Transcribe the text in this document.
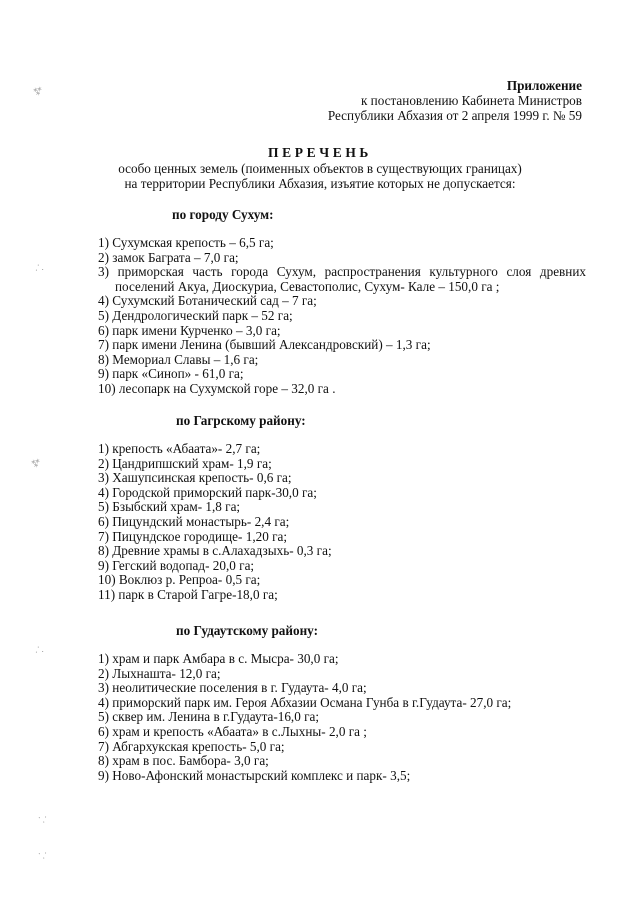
Приложение
к постановлению Кабинета Министров
Республики Абхазия от 2 апреля 1999 г. № 59
ПЕРЕЧЕНЬ
особо ценных земель (поименных объектов в существующих границах)
на территории Республики Абхазия, изъятие которых не допускается:
по городу Сухум:
1) Сухумская крепость – 6,5 га;
2) замок Баграта – 7,0 га;
3) приморская часть города Сухум, распространения культурного слоя древних
поселений Акуа, Диоскуриа, Севастополис, Сухум- Кале – 150,0 га ;
4) Сухумский Ботанический сад – 7 га;
5) Дендрологический парк – 52 га;
6) парк имени Курченко – 3,0 га;
7) парк имени Ленина (бывший Александровский) – 1,3 га;
8) Мемориал Славы – 1,6 га;
9) парк «Синоп» - 61,0 га;
10) лесопарк на Сухумской горе – 32,0 га .
по Гагрскому району:
1) крепость «Абаата»- 2,7 га;
2) Цандрипшский храм- 1,9 га;
3) Хашупсинская крепость- 0,6 га;
4) Городской приморский парк-30,0 га;
5) Бзыбский храм- 1,8 га;
6) Пицундский монастырь- 2,4 га;
7) Пицундское городище- 1,20 га;
8) Древние храмы в с.Алахадзыхь- 0,3 га;
9) Гегский водопад- 20,0 га;
10) Воклюз р. Репроа- 0,5 га;
11) парк в Старой Гагре-18,0 га;
по Гудаутскому району:
1) храм и парк Амбара в с. Мысра- 30,0 га;
2) Лыхнашта- 12,0 га;
3) неолитические поселения в г. Гудаута- 4,0 га;
4) приморский парк им. Героя Абхазии Османа Гунба в г.Гудаута- 27,0 га;
5) сквер им. Ленина в г.Гудаута-16,0 га;
6) храм и крепость «Абаата» в с.Лыхны- 2,0 га ;
7) Абгархукская крепость- 5,0 га;
8) храм в пос. Бамбора- 3,0 га;
9) Ново-Афонский монастырский комплекс и парк- 3,5;
⁂
⸪
⁂
⸪
⸫
⸫
